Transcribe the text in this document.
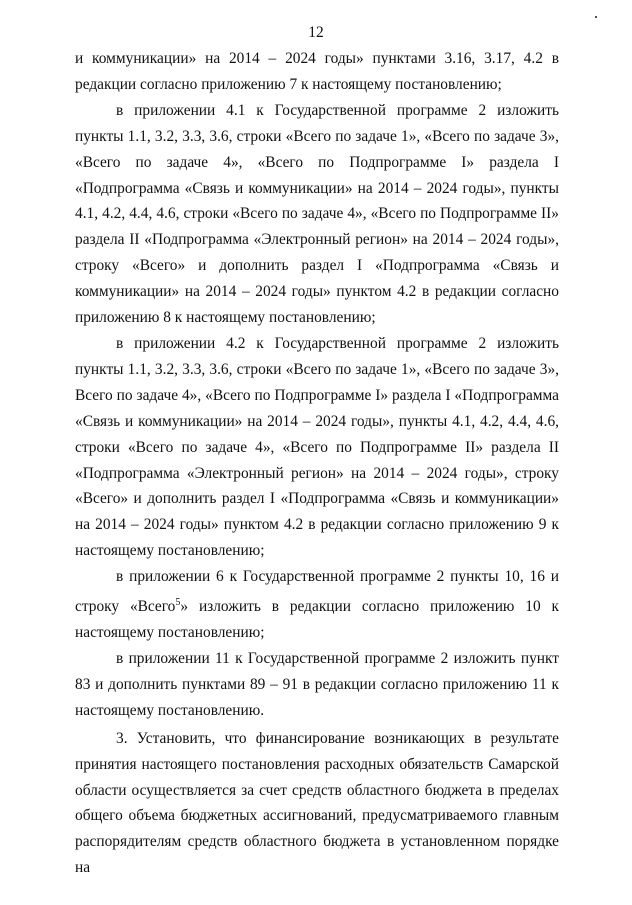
12

и коммуникации» на 2014 – 2024 годы» пунктами 3.16, 3.17, 4.2 в редакции согласно приложению 7 к настоящему постановлению;

в приложении 4.1 к Государственной программе 2 изложить пункты 1.1, 3.2, 3.3, 3.6, строки «Всего по задаче 1», «Всего по задаче 3», «Всего по задаче 4», «Всего по Подпрограмме I» раздела I «Подпрограмма «Связь и коммуникации» на 2014 – 2024 годы», пункты 4.1, 4.2, 4.4, 4.6, строки «Всего по задаче 4», «Всего по Подпрограмме II» раздела II «Подпрограмма «Электронный регион» на 2014 – 2024 годы», строку «Всего» и дополнить раздел I «Подпрограмма «Связь и коммуникации» на 2014 – 2024 годы» пунктом 4.2 в редакции согласно приложению 8 к настоящему постановлению;

в приложении 4.2 к Государственной программе 2 изложить пункты 1.1, 3.2, 3.3, 3.6, строки «Всего по задаче 1», «Всего по задаче 3», Всего по задаче 4», «Всего по Подпрограмме I» раздела I «Подпрограмма «Связь и коммуникации» на 2014 – 2024 годы», пункты 4.1, 4.2, 4.4, 4.6, строки «Всего по задаче 4», «Всего по Подпрограмме II» раздела II «Подпрограмма «Электронный регион» на 2014 – 2024 годы», строку «Всего» и дополнить раздел I «Подпрограмма «Связь и коммуникации» на 2014 – 2024 годы» пунктом 4.2 в редакции согласно приложению 9 к настоящему постановлению;

в приложении 6 к Государственной программе 2 пункты 10, 16 и строку «Всего$^5$» изложить в редакции согласно приложению 10 к настоящему постановлению;

в приложении 11 к Государственной программе 2 изложить пункт 83 и дополнить пунктами 89 – 91 в редакции согласно приложению 11 к настоящему постановлению.

3. Установить, что финансирование возникающих в результате принятия настоящего постановления расходных обязательств Самарской области осуществляется за счет средств областного бюджета в пределах общего объема бюджетных ассигнований, предусматриваемого главным распорядителям средств областного бюджета в установленном порядке на
